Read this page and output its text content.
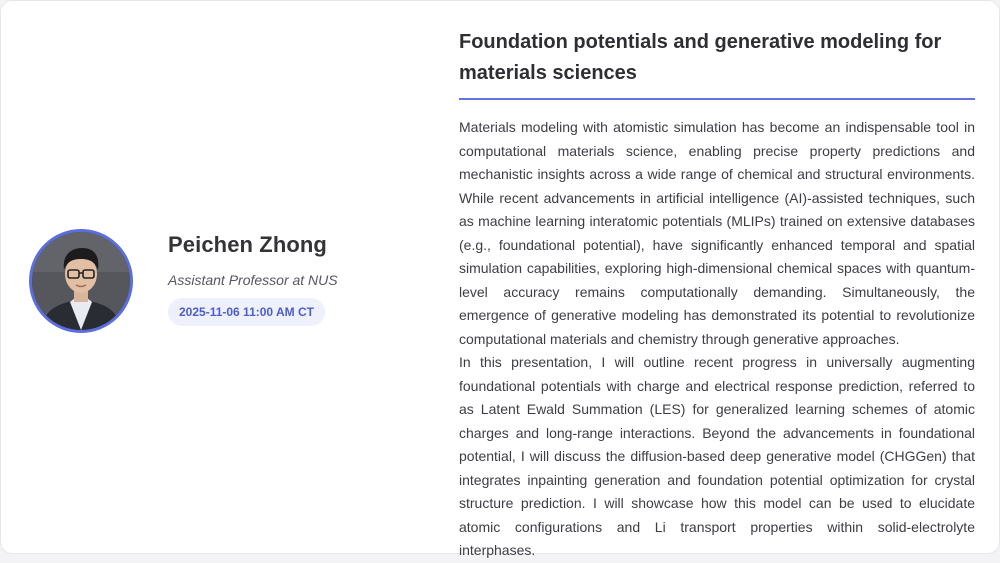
Peichen Zhong
Assistant Professor at NUS
2025-11-06 11:00 AM CT
Foundation potentials and generative modeling for materials sciences

Materials modeling with atomistic simulation has become an indispensable tool in computational materials science, enabling precise property predictions and mechanistic insights across a wide range of chemical and structural environments. While recent advancements in artificial intelligence (AI)-assisted techniques, such as machine learning interatomic potentials (MLIPs) trained on extensive databases (e.g., foundational potential), have significantly enhanced temporal and spatial simulation capabilities, exploring high-dimensional chemical spaces with quantum-level accuracy remains computationally demanding. Simultaneously, the emergence of generative modeling has demonstrated its potential to revolutionize computational materials and chemistry through generative approaches.

In this presentation, I will outline recent progress in universally augmenting foundational potentials with charge and electrical response prediction, referred to as Latent Ewald Summation (LES) for generalized learning schemes of atomic charges and long-range interactions. Beyond the advancements in foundational potential, I will discuss the diffusion-based deep generative model (CHGGen) that integrates inpainting generation and foundation potential optimization for crystal structure prediction. I will showcase how this model can be used to elucidate atomic configurations and Li transport properties within solid-electrolyte interphases.
